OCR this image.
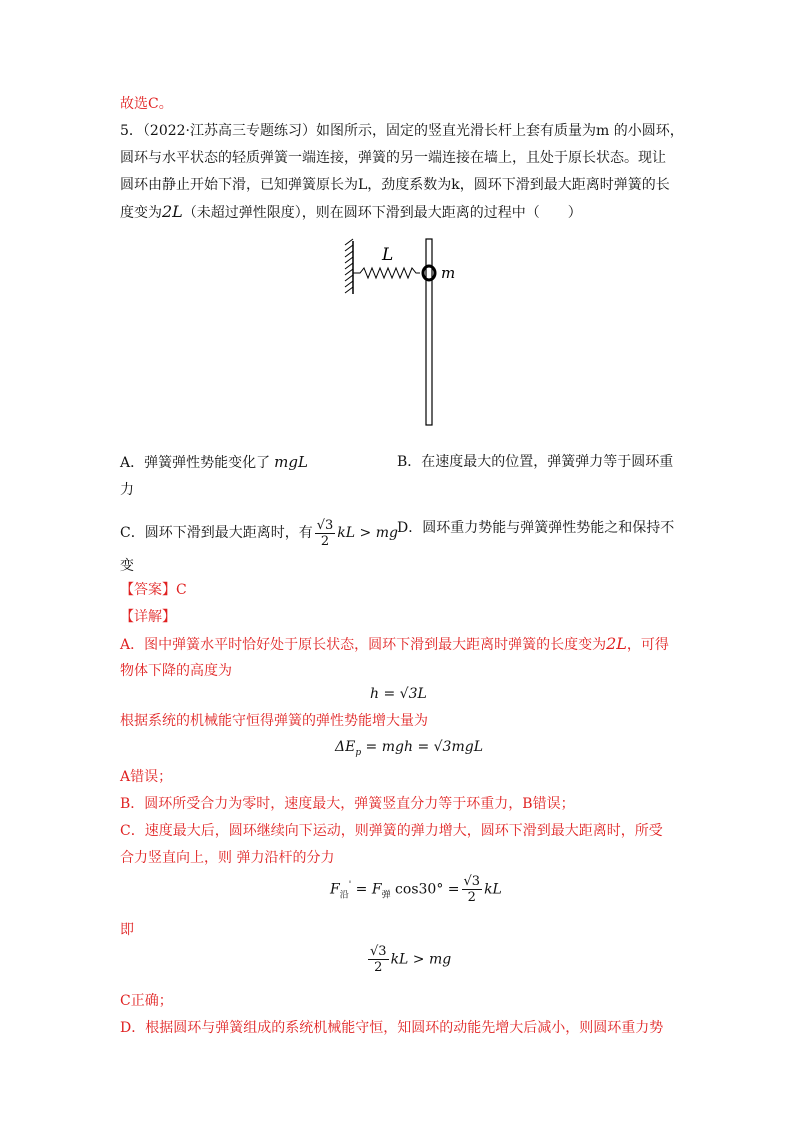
故选C。
5．（2022·江苏高三专题练习）如图所示，固定的竖直光滑长杆上套有质量为m 的小圆环，
圆环与水平状态的轻质弹簧一端连接，弹簧的另一端连接在墙上，且处于原长状态。现让
圆环由静止开始下滑，已知弹簧原长为L，劲度系数为k，圆环下滑到最大距离时弹簧的长
度变为2L（未超过弹性限度），则在圆环下滑到最大距离的过程中（　　）
L
m
A．弹簧弹性势能变化了 mgL	B．在速度最大的位置，弹簧弹力等于圆环重
力
C．圆环下滑到最大距离时，有 $\frac{√3}{2}$ kL > mg D．圆环重力势能与弹簧弹性势能之和保持不
变
【答案】C
【详解】
A．图中弹簧水平时恰好处于原长状态，圆环下滑到最大距离时弹簧的长度变为2L，可得
物体下降的高度为
h = √3L
根据系统的机械能守恒得弹簧的弹性势能增大量为
$\Delta E_p$ = mgh = √3mgL
A错误；
B．圆环所受合力为零时，速度最大，弹簧竖直分力等于环重力，B错误；
C．速度最大后，圆环继续向下运动，则弹簧的弹力增大，圆环下滑到最大距离时，所受
合力竖直向上，则 弹力沿杆的分力
$F_沿' = F_弹$ $\cos 30^\circ = \frac{√3}{2}$ kL
即
$\frac{√3}{2}$ kL > mg
C正确；
D．根据圆环与弹簧组成的系统机械能守恒，知圆环的动能先增大后减小，则圆环重力势
